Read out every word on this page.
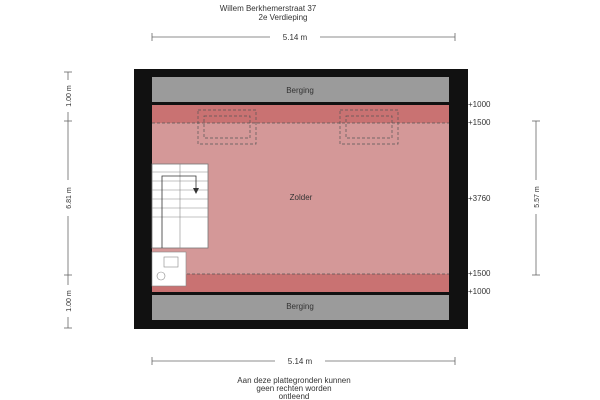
Willem Berkhemerstraat 37
2e Verdieping
5.14 m
5.14 m
1.00 m
6.81 m
1.00 m
5.57 m
Berging
Zolder
Berging
+1000
+1500
+3760
+1500
+1000
Aan deze plattegronden kunnen
geen rechten worden
ontleend
